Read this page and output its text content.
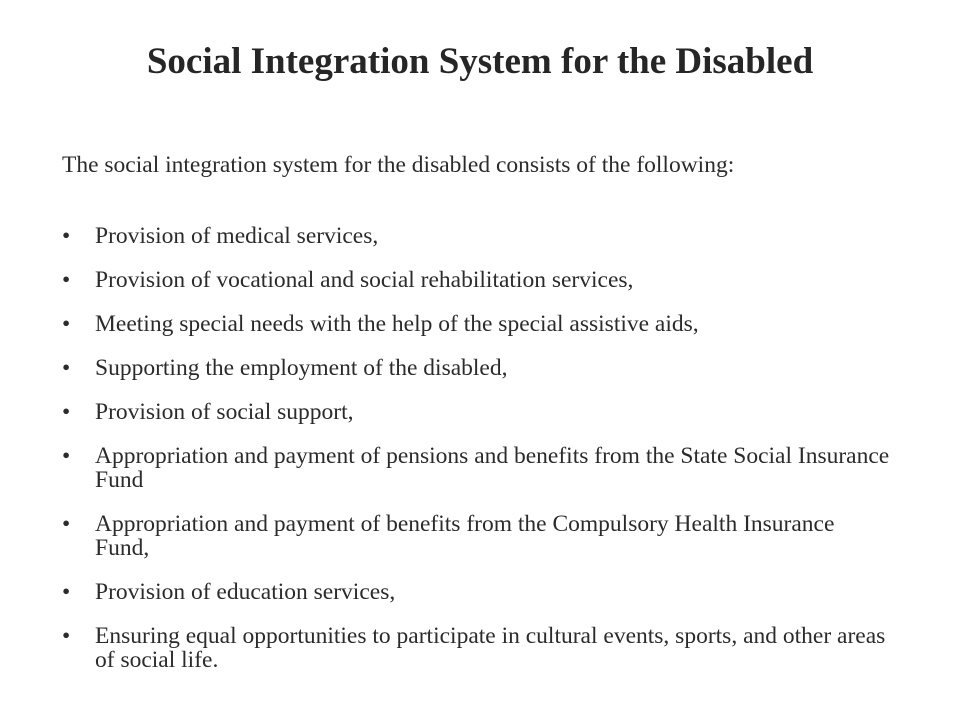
Social Integration System for the Disabled

The social integration system for the disabled consists of the following:

•	Provision of medical services,
•	Provision of vocational and social rehabilitation services,
•	Meeting special needs with the help of the special assistive aids,
•	Supporting the employment of the disabled,
•	Provision of social support,
•	Appropriation and payment of pensions and benefits from the State Social Insurance Fund
•	Appropriation and payment of benefits from the Compulsory Health Insurance Fund,
•	Provision of education services,
•	Ensuring equal opportunities to participate in cultural events, sports, and other areas of social life.
